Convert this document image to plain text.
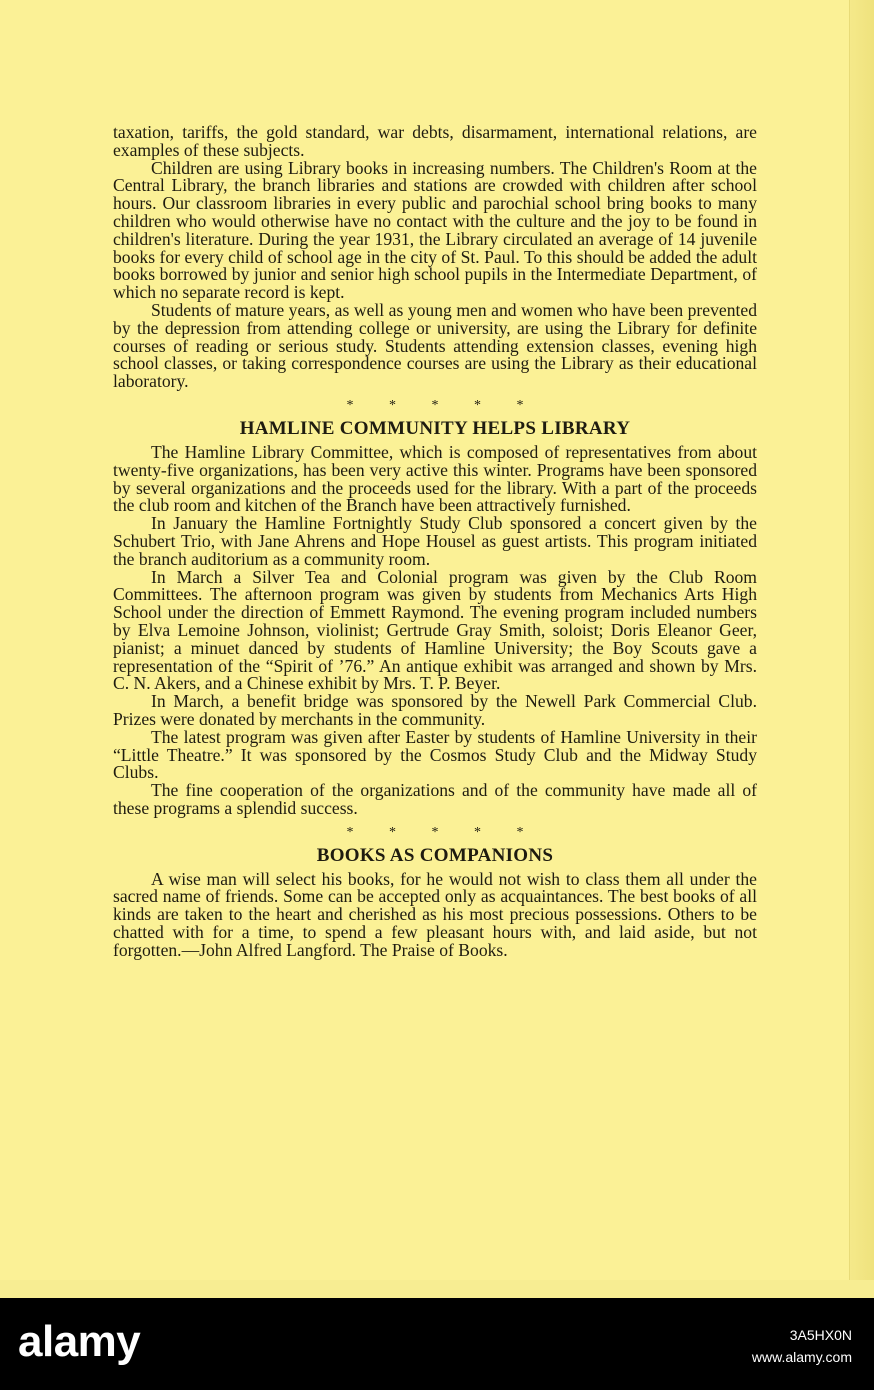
taxation, tariffs, the gold standard, war debts, disarmament, international relations, are examples of these subjects.

Children are using Library books in increasing numbers. The Children's Room at the Central Library, the branch libraries and stations are crowded with children after school hours. Our classroom libraries in every public and parochial school bring books to many children who would otherwise have no contact with the culture and the joy to be found in children's literature. During the year 1931, the Library circulated an average of 14 juvenile books for every child of school age in the city of St. Paul. To this should be added the adult books borrowed by junior and senior high school pupils in the Intermediate Department, of which no separate record is kept.

Students of mature years, as well as young men and women who have been prevented by the depression from attending college or university, are using the Library for definite courses of reading or serious study. Students attending extension classes, evening high school classes, or taking correspondence courses are using the Library as their educational laboratory.

* * * * *
HAMLINE COMMUNITY HELPS LIBRARY

The Hamline Library Committee, which is composed of representatives from about twenty-five organizations, has been very active this winter. Programs have been sponsored by several organizations and the proceeds used for the library. With a part of the proceeds the club room and kitchen of the Branch have been attractively furnished.

In January the Hamline Fortnightly Study Club sponsored a concert given by the Schubert Trio, with Jane Ahrens and Hope Housel as guest artists. This program initiated the branch auditorium as a community room.

In March a Silver Tea and Colonial program was given by the Club Room Committees. The afternoon program was given by students from Mechanics Arts High School under the direction of Emmett Raymond. The evening program included numbers by Elva Lemoine Johnson, violinist; Gertrude Gray Smith, soloist; Doris Eleanor Geer, pianist; a minuet danced by students of Hamline University; the Boy Scouts gave a representation of the “Spirit of ’76.” An antique exhibit was arranged and shown by Mrs. C. N. Akers, and a Chinese exhibit by Mrs. T. P. Beyer.

In March, a benefit bridge was sponsored by the Newell Park Commercial Club. Prizes were donated by merchants in the community.

The latest program was given after Easter by students of Hamline University in their “Little Theatre.” It was sponsored by the Cosmos Study Club and the Midway Study Clubs.

The fine cooperation of the organizations and of the community have made all of these programs a splendid success.

* * * * *
BOOKS AS COMPANIONS

A wise man will select his books, for he would not wish to class them all under the sacred name of friends. Some can be accepted only as acquaintances. The best books of all kinds are taken to the heart and cherished as his most precious possessions. Others to be chatted with for a time, to spend a few pleasant hours with, and laid aside, but not forgotten.—John Alfred Langford. The Praise of Books.

alamy	3A5HX0N
www.alamy.com
